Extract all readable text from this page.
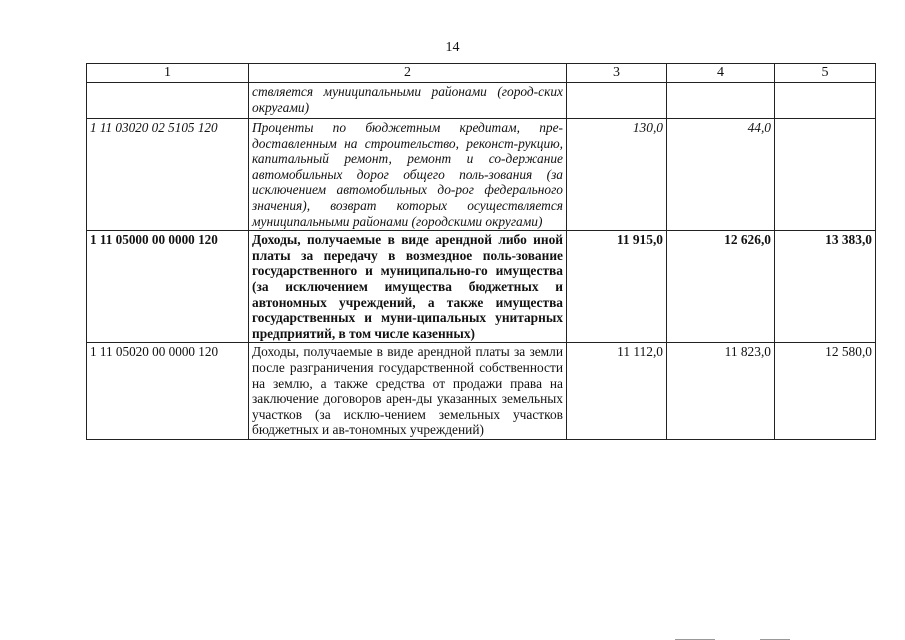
14
1	2	3	4	5
	ствляется муниципальными районами (город-ских округами)			
1 11 03020 02 5105 120	Проценты по бюджетным кредитам, пре-доставленным на строительство, реконст-рукцию, капитальный ремонт, ремонт и со-держание автомобильных дорог общего поль-зования (за исключением автомобильных до-рог федерального значения), возврат которых осуществляется муниципальными районами (городскими округами)	130,0	44,0	
1 11 05000 00 0000 120	Доходы, получаемые в виде арендной либо иной платы за передачу в возмездное поль-зование государственного и муниципально-го имущества (за исключением имущества бюджетных и автономных учреждений, а также имущества государственных и муни-ципальных унитарных предприятий, в том числе казенных)	11 915,0	12 626,0	13 383,0
1 11 05020 00 0000 120	Доходы, получаемые в виде арендной платы за земли после разграничения государственной собственности на землю, а также средства от продажи права на заключение договоров арен-ды указанных земельных участков (за исклю-чением земельных участков бюджетных и ав-тономных учреждений)	11 112,0	11 823,0	12 580,0
